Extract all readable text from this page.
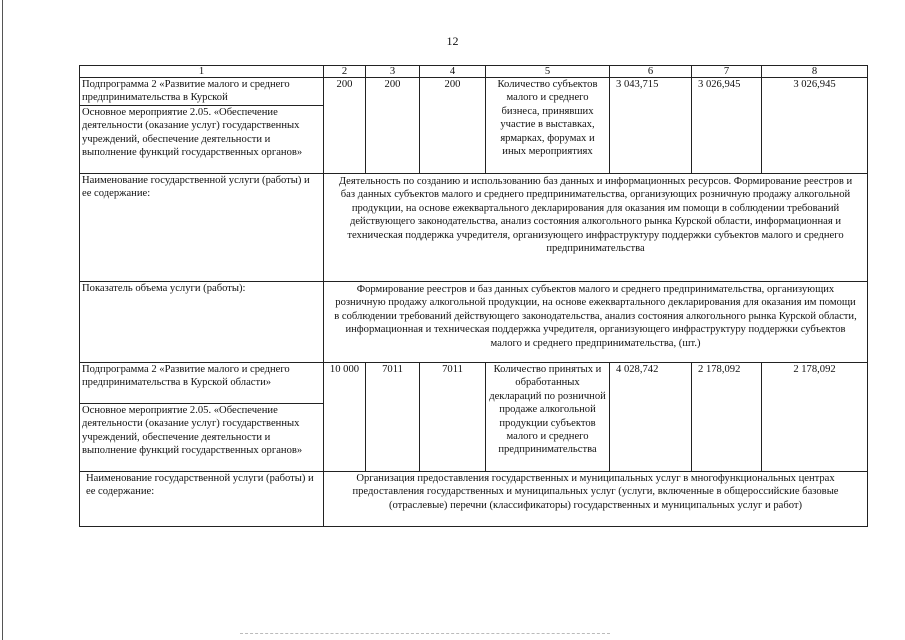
12
1	2	3	4	5	6	7	8
Подпрограмма 2 «Развитие малого и среднего предпринимательства в Курской	200	200	200	Количество субъектов малого и среднего бизнеса, принявших участие в выставках, ярмарках, форумах и иных мероприятиях	3 043,715	3 026,945	3 026,945
Основное мероприятие 2.05. «Обеспечение деятельности (оказание услуг) государственных учреждений, обеспечение деятельности и выполнение функций государственных органов»							
Наименование государственной услуги (работы) и ее содержание:	Деятельность по созданию и использованию баз данных и информационных ресурсов. Формирование реестров и баз данных субъектов малого и среднего предпринимательства, организующих розничную продажу алкогольной продукции, на основе ежеквартального декларирования для оказания им помощи в соблюдении требований действующего законодательства, анализ состояния алкогольного рынка Курской области, информационная и техническая поддержка учредителя, организующего инфраструктуру поддержки субъектов малого и среднего предпринимательства						
Показатель объема услуги (работы):	Формирование реестров и баз данных субъектов малого и среднего предпринимательства, организующих розничную продажу алкогольной продукции, на основе ежеквартального декларирования для оказания им помощи в соблюдении требований действующего законодательства, анализ состояния алкогольного рынка Курской области, информационная и техническая поддержка учредителя, организующего инфраструктуру поддержки субъектов малого и среднего предпринимательства, (шт.)						
Подпрограмма 2 «Развитие малого и среднего предпринимательства в Курской области»	10 000	7011	7011	Количество принятых и обработанных деклараций по розничной продаже алкогольной продукции субъектов малого и среднего предпринимательства	4 028,742	2 178,092	2 178,092
Основное мероприятие 2.05. «Обеспечение деятельности (оказание услуг) государственных учреждений, обеспечение деятельности и выполнение функций государственных органов»							
Наименование государственной услуги (работы) и ее содержание:	Организация предоставления государственных и муниципальных услуг в многофункциональных центрах предоставления государственных и муниципальных услуг (услуги, включенные в общероссийские базовые (отраслевые) перечни (классификаторы) государственных и муниципальных услуг и работ)						
